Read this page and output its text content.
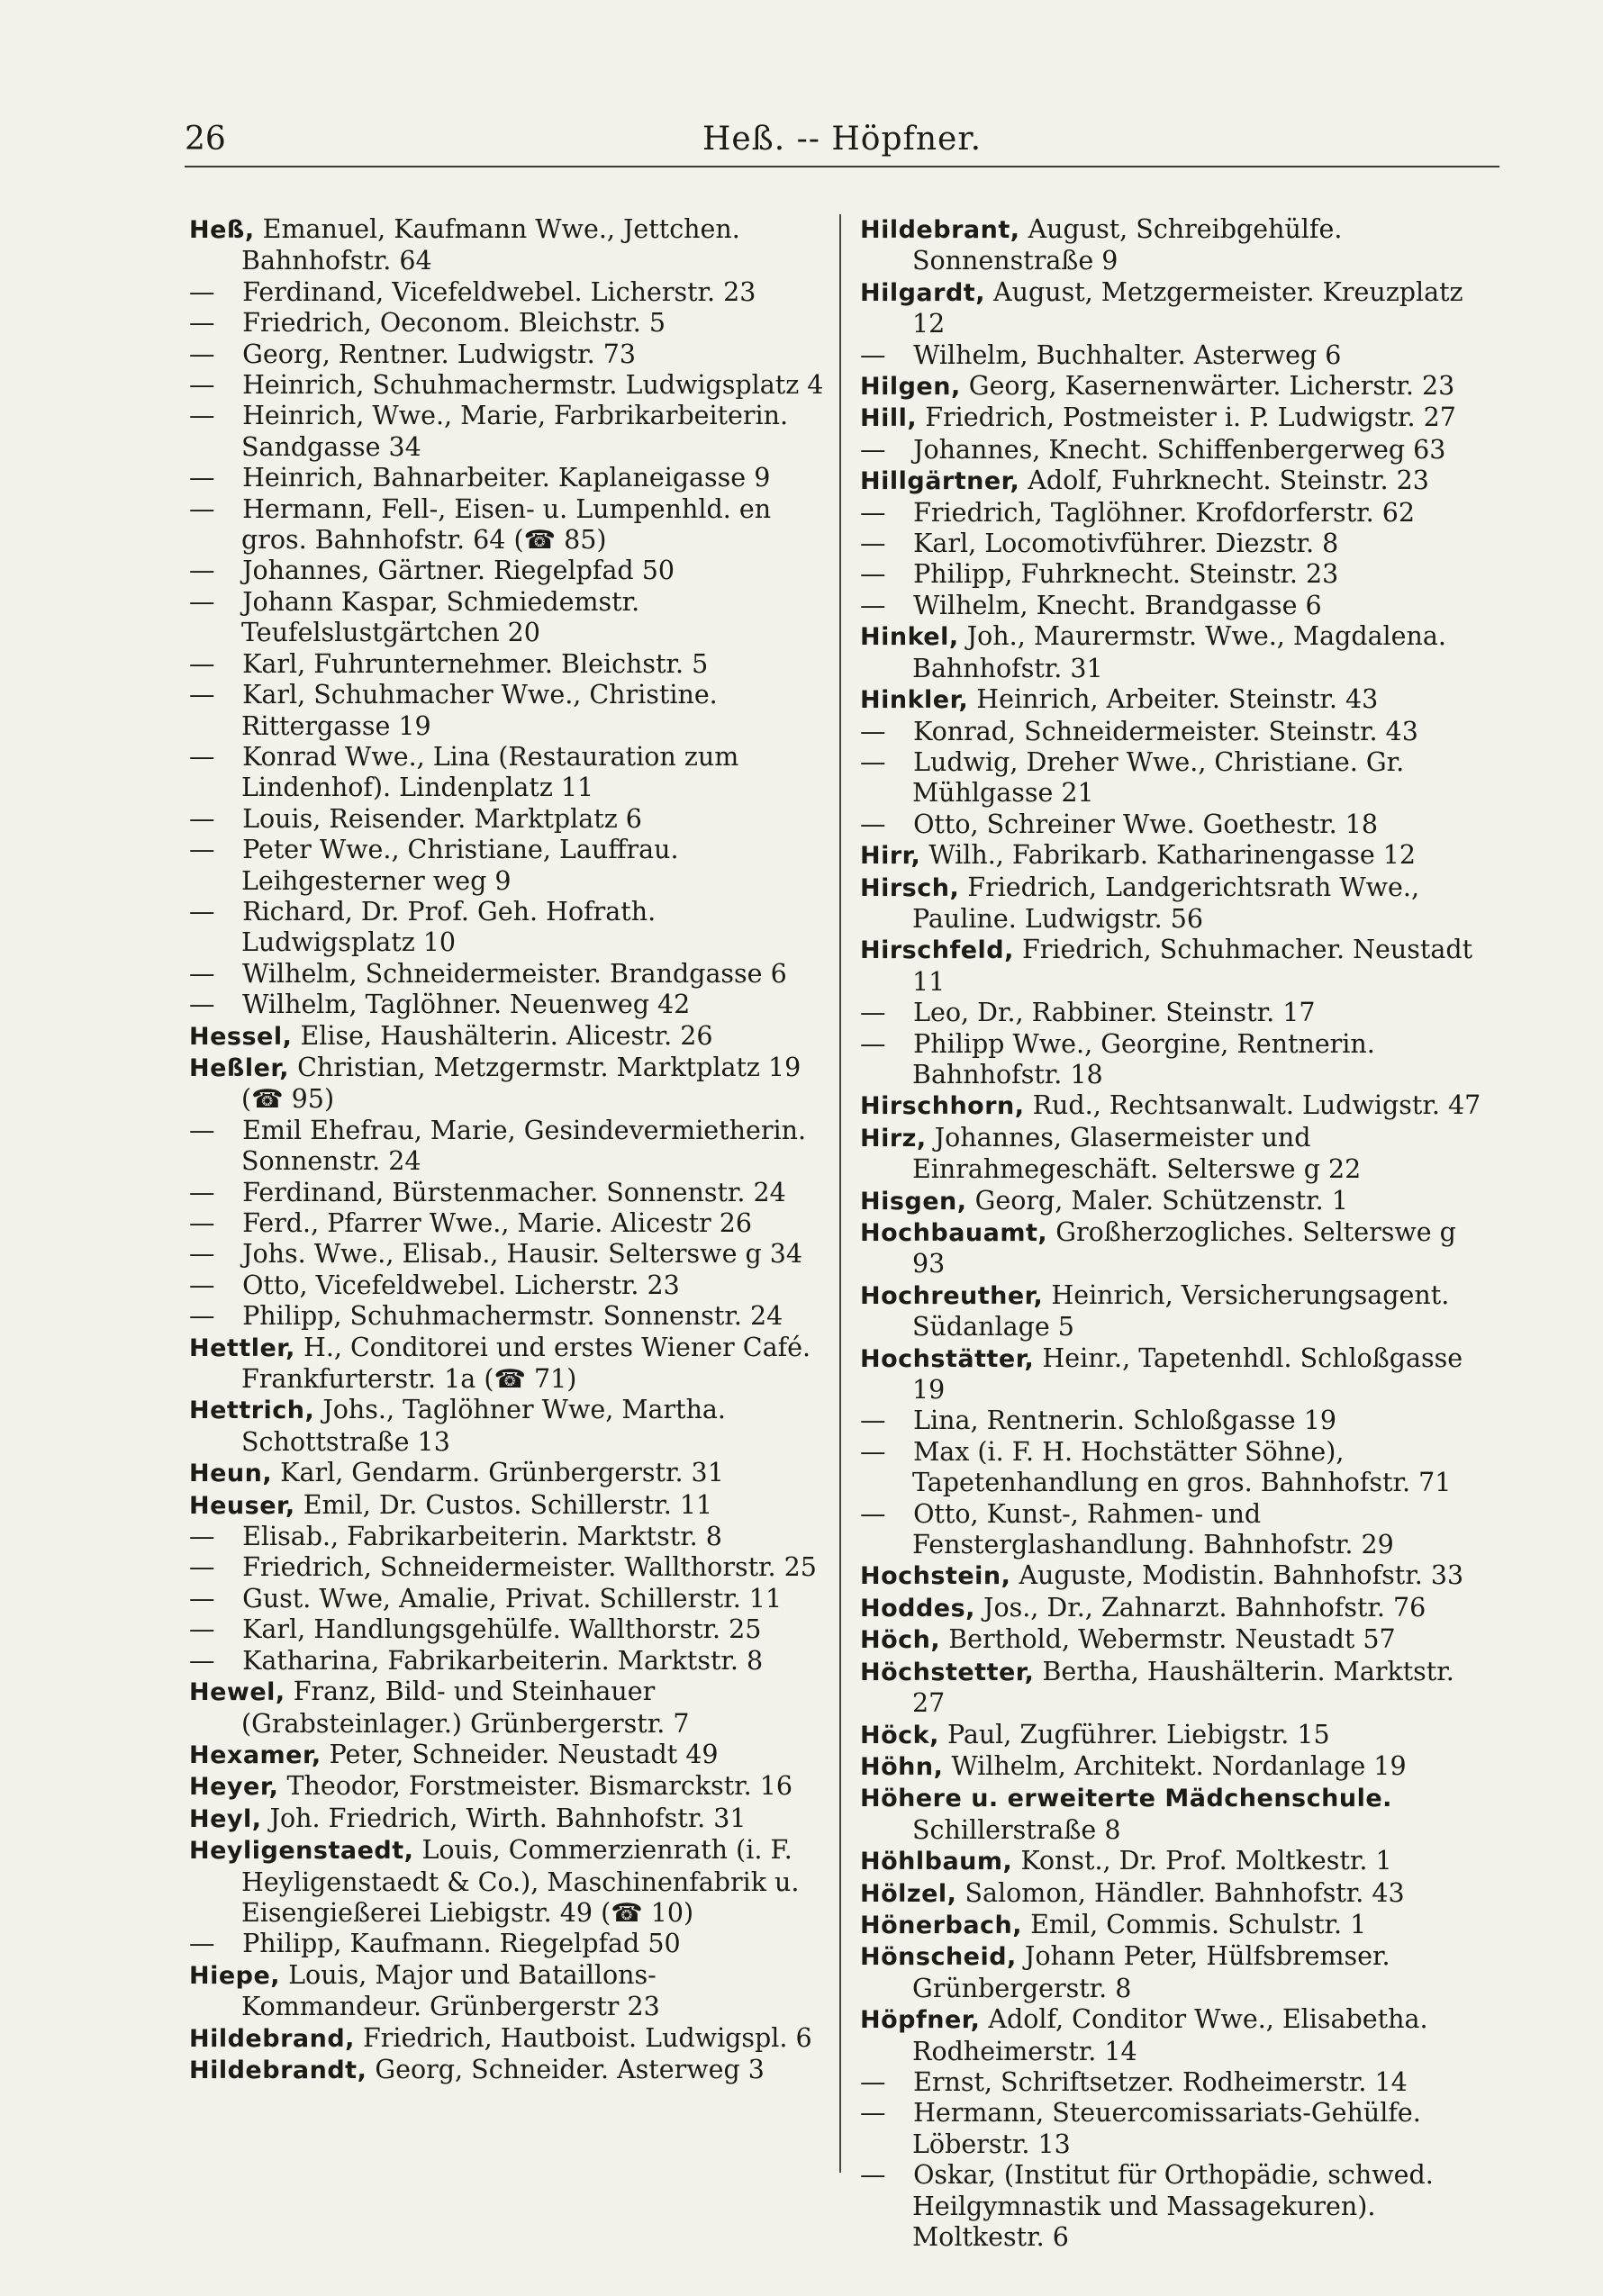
26	Heß. -- Höpfner.
Heß, Emanuel, Kaufmann Wwe., Jettchen. Bahnhofstr. 64
— Ferdinand, Vicefeldwebel. Licherstr. 23
— Friedrich, Oeconom. Bleichstr. 5
— Georg, Rentner. Ludwigstr. 73
— Heinrich, Schuhmachermstr. Ludwigsplatz 4
— Heinrich, Wwe., Marie, Farbrikarbeiterin. Sandgasse 34
— Heinrich, Bahnarbeiter. Kaplaneigasse 9
— Hermann, Fell-, Eisen- u. Lumpenhld. en gros. Bahnhofstr. 64 (☎ 85)
— Johannes, Gärtner. Riegelpfad 50
— Johann Kaspar, Schmiedemstr. Teufelslustgärtchen 20
— Karl, Fuhrunternehmer. Bleichstr. 5
— Karl, Schuhmacher Wwe., Christine. Rittergasse 19
— Konrad Wwe., Lina (Restauration zum Lindenhof). Lindenplatz 11
— Louis, Reisender. Marktplatz 6
— Peter Wwe., Christiane, Lauffrau. Leihgesterner weg 9
— Richard, Dr. Prof. Geh. Hofrath. Ludwigsplatz 10
— Wilhelm, Schneidermeister. Brandgasse 6
— Wilhelm, Taglöhner. Neuenweg 42
Hessel, Elise, Haushälterin. Alicestr. 26
Heßler, Christian, Metzgermstr. Marktplatz 19 (☎ 95)
— Emil Ehefrau, Marie, Gesindevermietherin. Sonnenstr. 24
— Ferdinand, Bürstenmacher. Sonnenstr. 24
— Ferd., Pfarrer Wwe., Marie. Alicestr 26
— Johs. Wwe., Elisab., Hausir. Selterswe g 34
— Otto, Vicefeldwebel. Licherstr. 23
— Philipp, Schuhmachermstr. Sonnenstr. 24
Hettler, H., Conditorei und erstes Wiener Café. Frankfurterstr. 1a (☎ 71)
Hettrich, Johs., Taglöhner Wwe, Martha. Schottstraße 13
Heun, Karl, Gendarm. Grünbergerstr. 31
Heuser, Emil, Dr. Custos. Schillerstr. 11
— Elisab., Fabrikarbeiterin. Marktstr. 8
— Friedrich, Schneidermeister. Wallthorstr. 25
— Gust. Wwe, Amalie, Privat. Schillerstr. 11
— Karl, Handlungsgehülfe. Wallthorstr. 25
— Katharina, Fabrikarbeiterin. Marktstr. 8
Hewel, Franz, Bild- und Steinhauer (Grabsteinlager.) Grünbergerstr. 7
Hexamer, Peter, Schneider. Neustadt 49
Heyer, Theodor, Forstmeister. Bismarckstr. 16
Heyl, Joh. Friedrich, Wirth. Bahnhofstr. 31
Heyligenstaedt, Louis, Commerzienrath (i. F. Heyligenstaedt & Co.), Maschinenfabrik u. Eisengießerei Liebigstr. 49 (☎ 10)
— Philipp, Kaufmann. Riegelpfad 50
Hiepe, Louis, Major und Bataillons-Kommandeur. Grünbergerstr 23
Hildebrand, Friedrich, Hautboist. Ludwigspl. 6
Hildebrandt, Georg, Schneider. Asterweg 3
Hildebrant, August, Schreibgehülfe. Sonnenstraße 9
Hilgardt, August, Metzgermeister. Kreuzplatz 12
— Wilhelm, Buchhalter. Asterweg 6
Hilgen, Georg, Kasernenwärter. Licherstr. 23
Hill, Friedrich, Postmeister i. P. Ludwigstr. 27
— Johannes, Knecht. Schiffenbergerweg 63
Hillgärtner, Adolf, Fuhrknecht. Steinstr. 23
— Friedrich, Taglöhner. Krofdorferstr. 62
— Karl, Locomotivführer. Diezstr. 8
— Philipp, Fuhrknecht. Steinstr. 23
— Wilhelm, Knecht. Brandgasse 6
Hinkel, Joh., Maurermstr. Wwe., Magdalena. Bahnhofstr. 31
Hinkler, Heinrich, Arbeiter. Steinstr. 43
— Konrad, Schneidermeister. Steinstr. 43
— Ludwig, Dreher Wwe., Christiane. Gr. Mühlgasse 21
— Otto, Schreiner Wwe. Goethestr. 18
Hirr, Wilh., Fabrikarb. Katharinengasse 12
Hirsch, Friedrich, Landgerichtsrath Wwe., Pauline. Ludwigstr. 56
Hirschfeld, Friedrich, Schuhmacher. Neustadt 11
— Leo, Dr., Rabbiner. Steinstr. 17
— Philipp Wwe., Georgine, Rentnerin. Bahnhofstr. 18
Hirschhorn, Rud., Rechtsanwalt. Ludwigstr. 47
Hirz, Johannes, Glasermeister und Einrahmegeschäft. Selterswe g 22
Hisgen, Georg, Maler. Schützenstr. 1
Hochbauamt, Großherzogliches. Selterswe g 93
Hochreuther, Heinrich, Versicherungsagent. Südanlage 5
Hochstätter, Heinr., Tapetenhdl. Schloßgasse 19
— Lina, Rentnerin. Schloßgasse 19
— Max (i. F. H. Hochstätter Söhne), Tapetenhandlung en gros. Bahnhofstr. 71
— Otto, Kunst-, Rahmen- und Fensterglashandlung. Bahnhofstr. 29
Hochstein, Auguste, Modistin. Bahnhofstr. 33
Hoddes, Jos., Dr., Zahnarzt. Bahnhofstr. 76
Höch, Berthold, Webermstr. Neustadt 57
Höchstetter, Bertha, Haushälterin. Marktstr. 27
Höck, Paul, Zugführer. Liebigstr. 15
Höhn, Wilhelm, Architekt. Nordanlage 19
Höhere u. erweiterte Mädchenschule. Schillerstraße 8
Höhlbaum, Konst., Dr. Prof. Moltkestr. 1
Hölzel, Salomon, Händler. Bahnhofstr. 43
Hönerbach, Emil, Commis. Schulstr. 1
Hönscheid, Johann Peter, Hülfsbremser. Grünbergerstr. 8
Höpfner, Adolf, Conditor Wwe., Elisabetha. Rodheimerstr. 14
— Ernst, Schriftsetzer. Rodheimerstr. 14
— Hermann, Steuercomissariats-Gehülfe. Löberstr. 13
— Oskar, (Institut für Orthopädie, schwed. Heilgymnastik und Massagekuren). Moltkestr. 6
